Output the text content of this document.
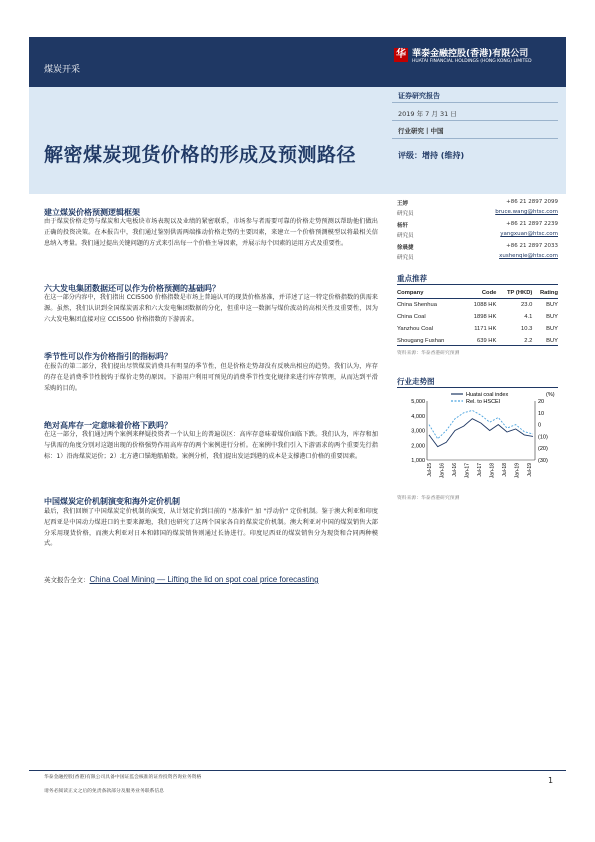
煤炭开采
华 華泰金融控股(香港)有限公司
HUATAI FINANCIAL HOLDINGS (HONG KONG) LIMITED
解密煤炭现货价格的形成及预测路径
证券研究报告
2019 年 7 月 31 日
行业研究丨中国
评级：增持 (维持)
王婷	+86 21 2897 2099
研究员	bruce.wang@htsc.com
杨轩	+86 21 2897 2239
研究员	yangxuan@htsc.com
徐晨捷	+86 21 2897 2033
研究员	xushenqie@htsc.com
建立煤炭价格预测逻辑框架
由于煤炭价格走势与煤炭和大电板块市场表现以及业绩的紧密联系，市场参与者需要可靠的价格走势预测以帮助他们做出正确的投资决策。在本报告中，我们通过鉴别供需两端推动价格走势的主要因素，来建立一个价格预测模型以将最相关信息纳入考量。我们通过提出关键问题的方式来引出每一个价格主导因素，并展示每个因素的运用方式及重要性。
六大发电集团数据还可以作为价格预测的基础吗？
在这一部分内容中，我们指出 CCI5500 价格指数是市场上普遍认可的现货价格基准，并详述了这一特定价格指数的供需来源。虽然，我们认识到全国煤炭需求和六大发电集团数据的分化，但重申这一数据与煤价波动的高相关性及重要性，因为六大发电集团直接对应 CCI5500 价格指数的下游需求。
季节性可以作为价格指引的指标吗？
在报告的第二部分，我们提出尽管煤炭消费具有明显的季节性，但是价格走势却没有反映出相应的趋势。我们认为，库存的存在是消费季节性脱钩于煤价走势的原因。下游用户利用可预见的消费季节性变化规律来进行库存管理，从而达到平滑采购的目的。
绝对高库存一定意味着价格下跌吗？
在这一部分，我们通过两个案例来释疑投资者一个认知上的普遍误区：高库存意味着煤价面临下跌。我们认为，库存和加与供需的角度分别对这题出现的价格强势作用高库存的两个案例进行分析。在案例中我们引入下游需求的两个重要先行指标：1）沿海煤炭运价；2）北方港口锚地船舶数。案例分析，我们提出发运到港的成本是支撑港口价格的重要因素。
中国煤炭定价机制演变和海外定价机制
最后，我们回顾了中国煤炭定价机制的演变，从计划定价到目前的 "基准价" 加 "浮动价" 定价机制。鉴于澳大利亚和印度尼西亚是中国动力煤进口的主要来源地，我们也研究了这两个国家各自的煤炭定价机制。澳大利亚对中国的煤炭销售大部分采用现货价格，而澳大利亚对日本和韩国的煤炭销售则通过长协进行。印度尼西亚的煤炭销售分为现货和合同两种模式。
英文报告全文：China Coal Mining — Lifting the lid on spot coal price forecasting
重点推荐
Company	Code	TP (HKD)	Rating
China Shenhua	1088 HK	23.0	BUY
China Coal	1898 HK	4.1	BUY
Yanzhou Coal	1171 HK	10.3	BUY
Shougang Fushan	639 HK	2.2	BUY
资料来源：华泰香港研究预测
行业走势图
Huatai coal index
Rel. to HSCEI
(%)
5,000
4,000
3,000
2,000
1,000
20
10
0
(10)
(20)
(30)
Jul-15 Jan-16 Jul-16 Jan-17 Jul-17 Jan-18 Jul-18 Jan-19 Jul-19
资料来源：华泰香港研究预测
华泰金融控股(香港)有限公司具备中国证监会核准的证券投资咨询业务资格
请务必阅读正文之后的免责条款部分及服务业务联系信息
1
